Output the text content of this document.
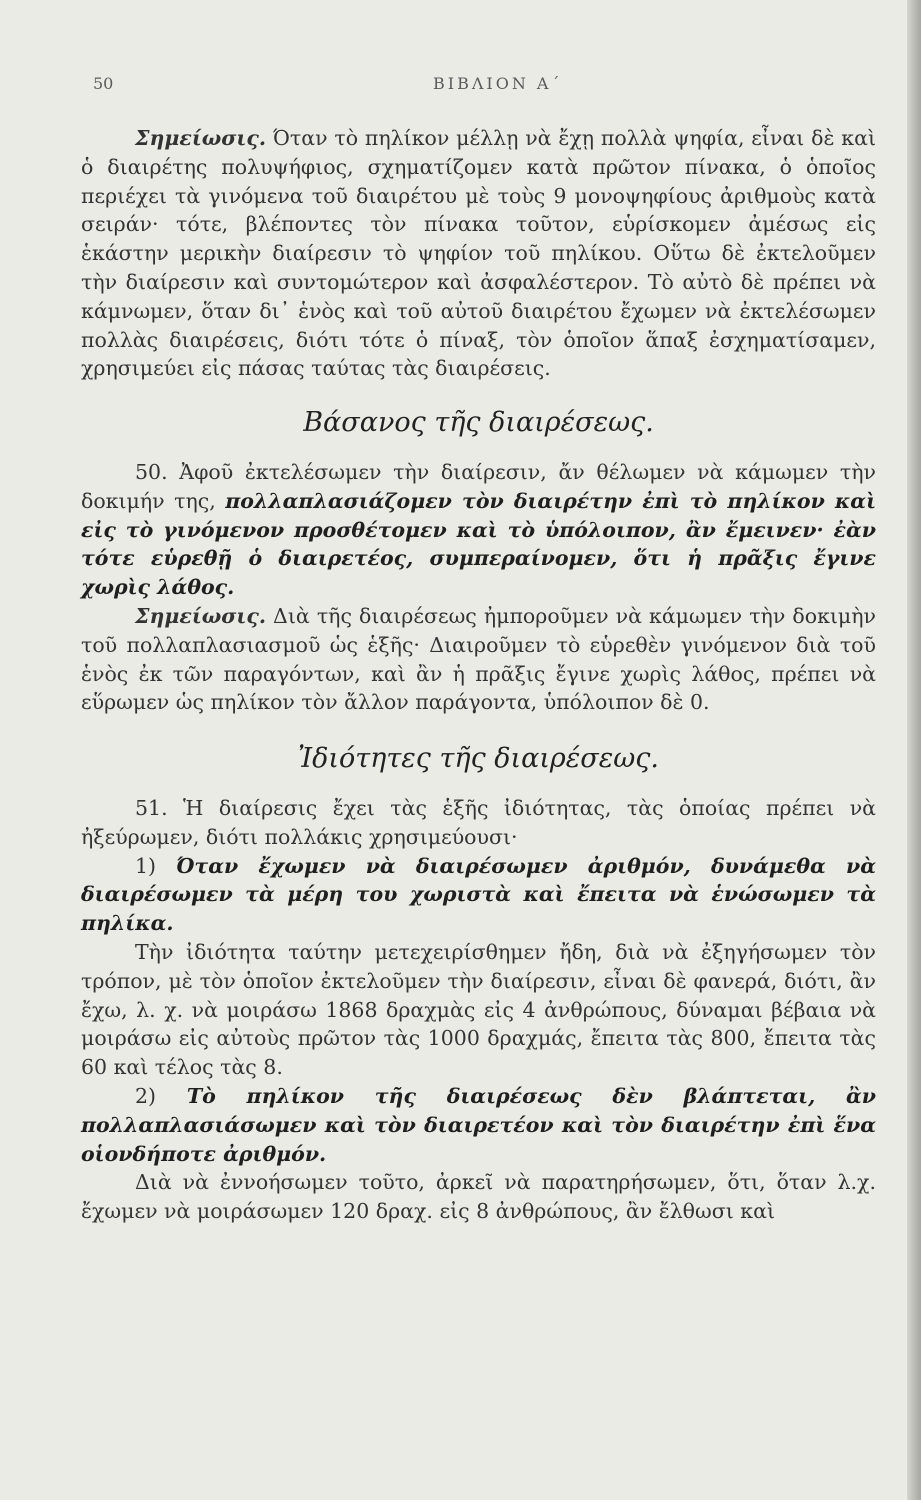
50	ΒΙΒΛΙΟΝ Α΄

Σημείωσις. Όταν τὸ πηλίκον μέλλῃ νὰ ἔχῃ πολλὰ ψηφία, εἶναι δὲ καὶ ὁ διαιρέτης πολυψήφιος, σχηματίζομεν κατὰ πρῶτον πίνακα, ὁ ὁποῖος περιέχει τὰ γινόμενα τοῦ διαιρέτου μὲ τοὺς 9 μονοψηφίους ἀριθμοὺς κατὰ σειράν· τότε, βλέποντες τὸν πίνακα τοῦτον, εὑρίσκομεν ἀμέσως εἰς ἑκάστην μερικὴν διαίρεσιν τὸ ψηφίον τοῦ πηλίκου. Οὕτω δὲ ἐκτελοῦμεν τὴν διαίρεσιν καὶ συντομώτερον καὶ ἀσφαλέστερον. Τὸ αὐτὸ δὲ πρέπει νὰ κάμνωμεν, ὅταν δι᾽ ἑνὸς καὶ τοῦ αὐτοῦ διαιρέτου ἔχωμεν νὰ ἐκτελέσωμεν πολλὰς διαιρέσεις, διότι τότε ὁ πίναξ, τὸν ὁποῖον ἅπαξ ἐσχηματίσαμεν, χρησιμεύει εἰς πάσας ταύτας τὰς διαιρέσεις.

Βάσανος τῆς διαιρέσεως.

50. Ἀφοῦ ἐκτελέσωμεν τὴν διαίρεσιν, ἄν θέλωμεν νὰ κάμωμεν τὴν δοκιμήν της, πολλαπλασιάζομεν τὸν διαιρέτην ἐπὶ τὸ πηλίκον καὶ εἰς τὸ γινόμενον προσθέτομεν καὶ τὸ ὑπόλοιπον, ἂν ἔμεινεν· ἐὰν τότε εὑρεθῇ ὁ διαιρετέος, συμπεραίνομεν, ὅτι ἡ πρᾶξις ἔγινε χωρὶς λάθος.

Σημείωσις. Διὰ τῆς διαιρέσεως ἠμποροῦμεν νὰ κάμωμεν τὴν δοκιμὴν τοῦ πολλαπλασιασμοῦ ὡς ἑξῆς· Διαιροῦμεν τὸ εὑρεθὲν γινόμενον διὰ τοῦ ἑνὸς ἐκ τῶν παραγόντων, καὶ ἂν ἡ πρᾶξις ἔγινε χωρὶς λάθος, πρέπει νὰ εὕρωμεν ὡς πηλίκον τὸν ἄλλον παράγοντα, ὑπόλοιπον δὲ 0.

Ἰδιότητες τῆς διαιρέσεως.

51. Ἡ διαίρεσις ἔχει τὰς ἑξῆς ἰδιότητας, τὰς ὁποίας πρέπει νὰ ἠξεύρωμεν, διότι πολλάκις χρησιμεύουσι·

1) Όταν ἔχωμεν νὰ διαιρέσωμεν ἀριθμόν, δυνάμεθα νὰ διαιρέσωμεν τὰ μέρη του χωριστὰ καὶ ἔπειτα νὰ ἑνώσωμεν τὰ πηλίκα.

Τὴν ἰδιότητα ταύτην μετεχειρίσθημεν ἤδη, διὰ νὰ ἐξηγήσωμεν τὸν τρόπον, μὲ τὸν ὁποῖον ἐκτελοῦμεν τὴν διαίρεσιν, εἶναι δὲ φανερά, διότι, ἂν ἔχω, λ. χ. νὰ μοιράσω 1868 δραχμὰς εἰς 4 ἀνθρώπους, δύναμαι βέβαια νὰ μοιράσω εἰς αὐτοὺς πρῶτον τὰς 1000 δραχμάς, ἔπειτα τὰς 800, ἔπειτα τὰς 60 καὶ τέλος τὰς 8.

2) Τὸ πηλίκον τῆς διαιρέσεως δὲν βλάπτεται, ἂν πολλαπλασιάσωμεν καὶ τὸν διαιρετέον καὶ τὸν διαιρέτην ἐπὶ ἕνα οἱονδήποτε ἀριθμόν.

Διὰ νὰ ἐννοήσωμεν τοῦτο, ἀρκεῖ νὰ παρατηρήσωμεν, ὅτι, ὅταν λ.χ. ἔχωμεν νὰ μοιράσωμεν 120 δραχ. εἰς 8 ἀνθρώπους, ἂν ἔλθωσι καὶ
